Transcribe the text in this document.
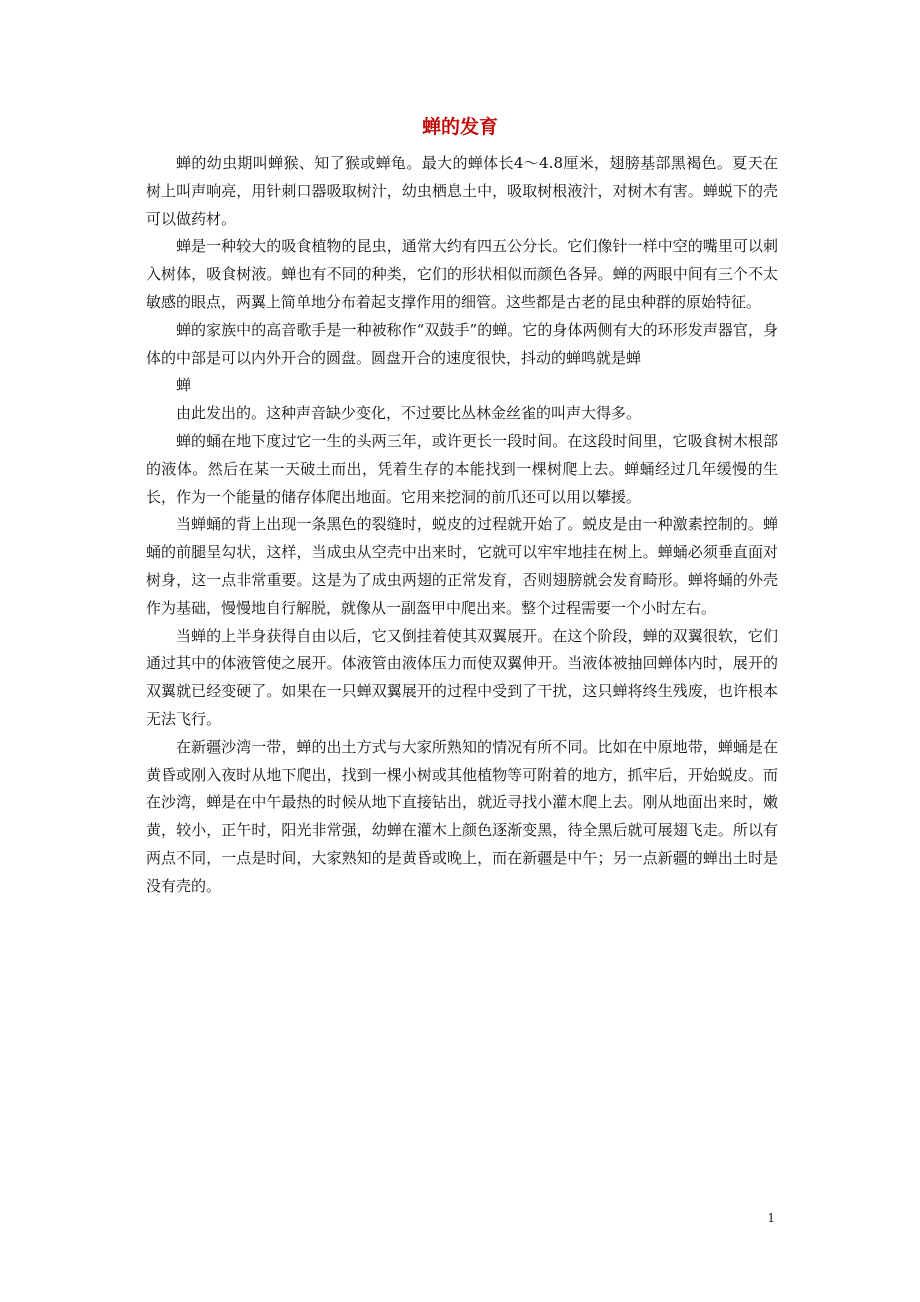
蝉的发育

蝉的幼虫期叫蝉猴、知了猴或蝉龟。最大的蝉体长4～4.8厘米，翅膀基部黑褐色。夏天在树上叫声响亮，用针刺口器吸取树汁，幼虫栖息土中，吸取树根液汁，对树木有害。蝉蜕下的壳可以做药材。

蝉是一种较大的吸食植物的昆虫，通常大约有四五公分长。它们像针一样中空的嘴里可以刺入树体，吸食树液。蝉也有不同的种类，它们的形状相似而颜色各异。蝉的两眼中间有三个不太敏感的眼点，两翼上简单地分布着起支撑作用的细管。这些都是古老的昆虫种群的原始特征。

蝉的家族中的高音歌手是一种被称作“双鼓手”的蝉。它的身体两侧有大的环形发声器官，身体的中部是可以内外开合的圆盘。圆盘开合的速度很快，抖动的蝉鸣就是蝉

蝉

由此发出的。这种声音缺少变化，不过要比丛林金丝雀的叫声大得多。

蝉的蛹在地下度过它一生的头两三年，或许更长一段时间。在这段时间里，它吸食树木根部的液体。然后在某一天破土而出，凭着生存的本能找到一棵树爬上去。蝉蛹经过几年缓慢的生长，作为一个能量的储存体爬出地面。它用来挖洞的前爪还可以用以攀援。

当蝉蛹的背上出现一条黑色的裂缝时，蜕皮的过程就开始了。蜕皮是由一种激素控制的。蝉蛹的前腿呈勾状，这样，当成虫从空壳中出来时，它就可以牢牢地挂在树上。蝉蛹必须垂直面对树身，这一点非常重要。这是为了成虫两翅的正常发育，否则翅膀就会发育畸形。蝉将蛹的外壳作为基础，慢慢地自行解脱，就像从一副盔甲中爬出来。整个过程需要一个小时左右。

当蝉的上半身获得自由以后，它又倒挂着使其双翼展开。在这个阶段，蝉的双翼很软，它们通过其中的体液管使之展开。体液管由液体压力而使双翼伸开。当液体被抽回蝉体内时，展开的双翼就已经变硬了。如果在一只蝉双翼展开的过程中受到了干扰，这只蝉将终生残废，也许根本无法飞行。

在新疆沙湾一带，蝉的出土方式与大家所熟知的情况有所不同。比如在中原地带，蝉蛹是在黄昏或刚入夜时从地下爬出，找到一棵小树或其他植物等可附着的地方，抓牢后，开始蜕皮。而在沙湾，蝉是在中午最热的时候从地下直接钻出，就近寻找小灌木爬上去。刚从地面出来时，嫩黄，较小，正午时，阳光非常强，幼蝉在灌木上颜色逐渐变黑，待全黑后就可展翅飞走。所以有两点不同，一点是时间，大家熟知的是黄昏或晚上，而在新疆是中午；另一点新疆的蝉出土时是没有壳的。

1
